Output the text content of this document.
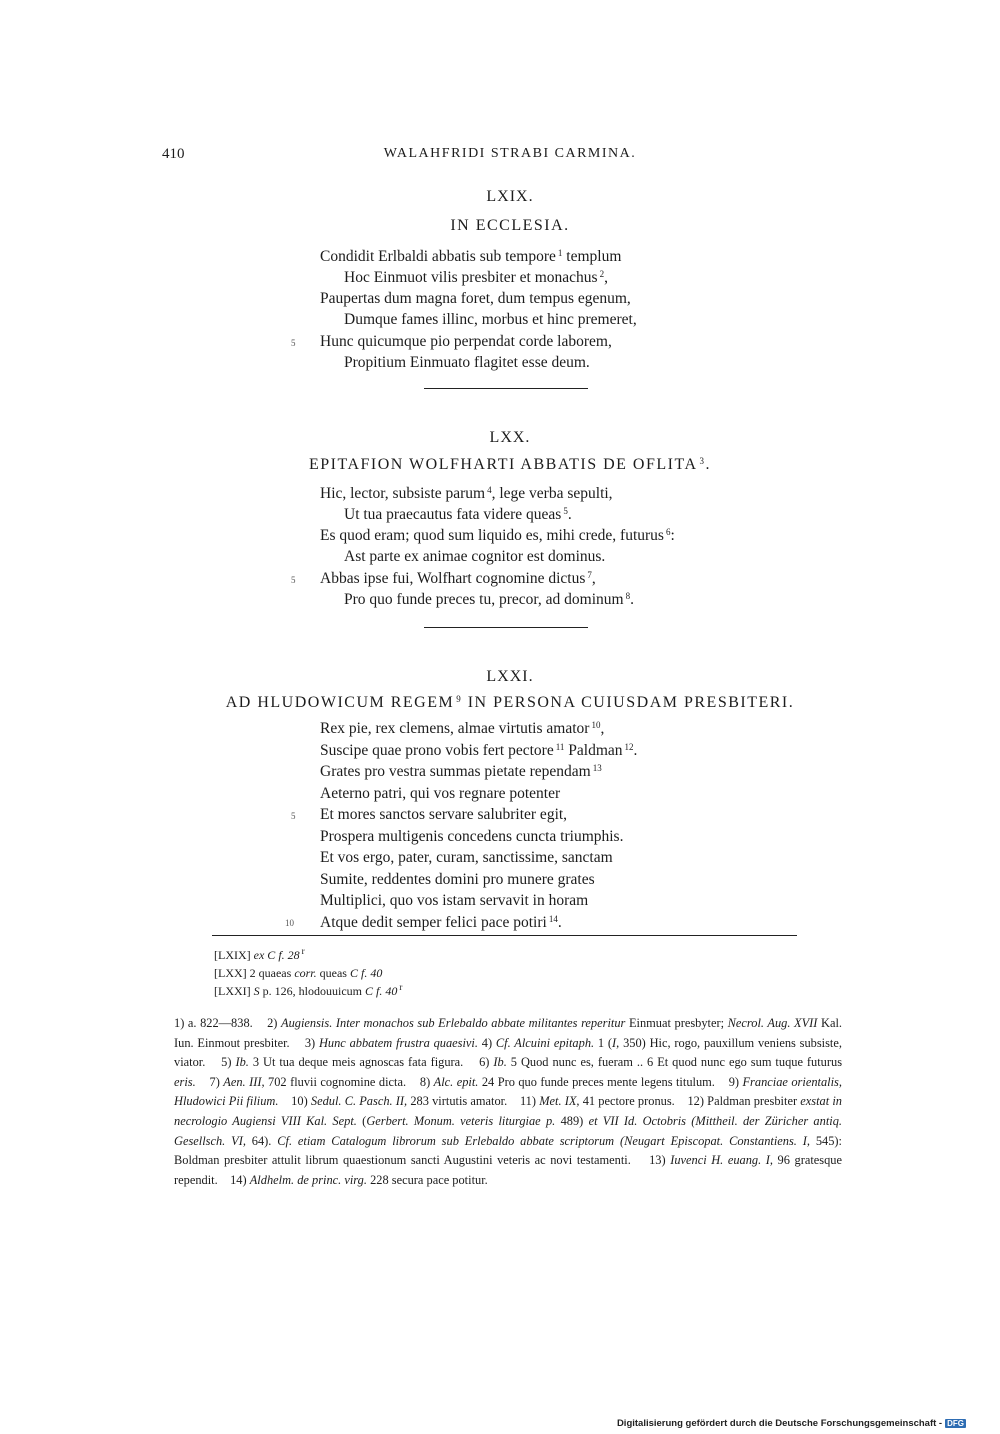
410	WALAHFRIDI STRABI CARMINA.
LXIX.
IN ECCLESIA.
Condidit Erlbaldi abbatis sub tempore $^1$ templum
Hoc Einmuot vilis presbiter et monachus $^2$,
Paupertas dum magna foret, dum tempus egenum,
Dumque fames illinc, morbus et hinc premeret,
5 Hunc quicumque pio perpendat corde laborem,
Propitium Einmuato flagitet esse deum.
LXX.
EPITAFION WOLFHARTI ABBATIS DE OFLITA $^3$.
Hic, lector, subsiste parum $^4$, lege verba sepulti,
Ut tua praecautus fata videre queas $^5$.
Es quod eram; quod sum liquido es, mihi crede, futurus $^6$:
Ast parte ex animae cognitor est dominus.
5 Abbas ipse fui, Wolfhart cognomine dictus $^7$,
Pro quo funde preces tu, precor, ad dominum $^8$.
LXXI.
AD HLUDOWICUM REGEM $^9$ IN PERSONA CUIUSDAM PRESBITERI.
Rex pie, rex clemens, almae virtutis amator $^{10}$,
Suscipe quae prono vobis fert pectore $^{11}$ Paldman $^{12}$.
Grates pro vestra summas pietate rependam $^{13}$
Aeterno patri, qui vos regnare potenter
5 Et mores sanctos servare salubriter egit,
Prospera multigenis concedens cuncta triumphis.
Et vos ergo, pater, curam, sanctissime, sanctam
Sumite, reddentes domini pro munere grates
Multiplici, quo vos istam servavit in horam
10 Atque dedit semper felici pace potiri $^{14}$.
[LXIX] ex C f. 28 $^r$
[LXX] 2 quaeas corr. queas C f. 40
[LXXI] S p. 126, hlodouuicum C f. 40 $^r$
1) a. 822—838. 2) Augiensis. Inter monachos sub Erlebaldo abbate militantes reperitur Einmuat presbyter; Necrol. Aug. XVII Kal. Iun. Einmout presbiter. 3) Hunc abbatem frustra quaesivi. 4) Cf. Alcuini epitaph. 1 (I, 350) Hic, rogo, pauxillum veniens subsiste, viator. 5) Ib. 3 Ut tua deque meis agnoscas fata figura. 6) Ib. 5 Quod nunc es, fueram .. 6 Et quod nunc ego sum tuque futurus eris. 7) Aen. III, 702 fluvii cognomine dicta. 8) Alc. epit. 24 Pro quo funde preces mente legens titulum. 9) Franciae orientalis, Hludowici Pii filium. 10) Sedul. C. Pasch. II, 283 virtutis amator. 11) Met. IX, 41 pectore pronus. 12) Paldman presbiter exstat in necrologio Augiensi VIII Kal. Sept. (Gerbert. Monum. veteris liturgiae p. 489) et VII Id. Octobris (Mittheil. der Züricher antiq. Gesellsch. VI, 64). Cf. etiam Catalogum librorum sub Erlebaldo abbate scriptorum (Neugart Episcopat. Constantiens. I, 545): Boldman presbiter attulit librum quaestionum sancti Augustini veteris ac novi testamenti. 13) Iuvenci H. euang. I, 96 gratesque rependit. 14) Aldhelm. de princ. virg. 228 secura pace potitur.
Digitalisierung gefördert durch die Deutsche Forschungsgemeinschaft - DFG
